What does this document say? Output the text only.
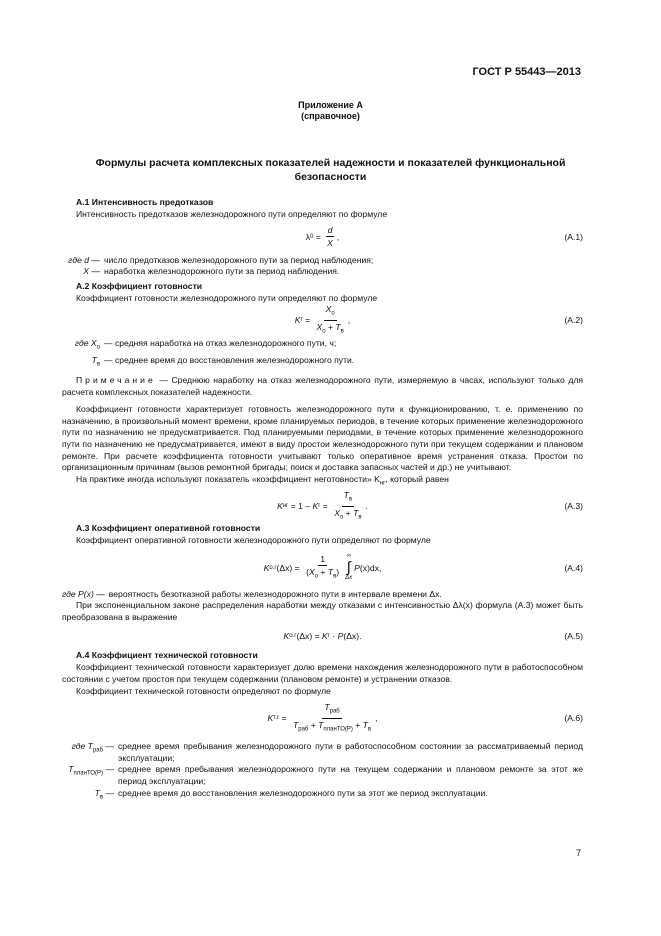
ГОСТ Р 55443—2013
Приложение А
(справочное)
Формулы расчета комплексных показателей надежности и показателей функциональной безопасности
А.1 Интенсивность предотказов
Интенсивность предотказов железнодорожного пути определяют по формуле
λ $0 = \frac{d}{X}$ ,	(А.1)
где d — число предотказов железнодорожного пути за период наблюдения;
X — наработка железнодорожного пути за период наблюдения.
А.2 Коэффициент готовности
Коэффициент готовности железнодорожного пути определяют по формуле
K $г = \frac{X_о}{X_о + T_в}$ ,	(А.2)
где $X_о$ — средняя наработка на отказ железнодорожного пути, ч;
$T_в$ — среднее время до восстановления железнодорожного пути.
Примечание — Среднюю наработку на отказ железнодорожного пути, измеряемую в часах, используют только для расчета комплексных показателей надежности.
Коэффициент готовности характеризует готовность железнодорожного пути к функционированию, т. е. применению по назначению, в произвольный момент времени, кроме планируемых периодов, в течение которых применение железнодорожного пути по назначению не предусматривается. Под планируемыми периодами, в течение которых применение железнодорожного пути по назначению не предусматривается, имеют в виду простои железнодорожного пути при текущем содержании и плановом ремонте. При расчете коэффициента готовности учитывают только оперативное время устранения отказа. Простои по организационным причинам (вызов ремонтной бригады; поиск и доставка запасных частей и др.) не учитывают.
На практике иногда используют показатель «коэффициент неготовности» $K_{нг}$, который равен
K нг = 1 – K $г = \frac{T_в}{X_о + T_в}$ .	(А.3)
А.3 Коэффициент оперативной готовности
Коэффициент оперативной готовности железнодорожного пути определяют по формуле
K о.г $(\Delta x) = \frac{1}{(X_о + T_в)}$ ∞
∫
Δx
P (x)dx ,	(А.4)
где P(x) — вероятность безотказной работы железнодорожного пути в интервале времени Δx.
При экспоненциальном законе распределения наработки между отказами с интенсивностью Δλ(x) формула (А.3) может быть преобразована в выражение
K о.г (Δx) = K г · P (Δx) .	(А.5)
А.4 Коэффициент технической готовности
Коэффициент технической готовности характеризует долю времени нахождения железнодорожного пути в работоспособном состоянии с учетом простоя при текущем содержании (плановом ремонте) и устранении отказов.
Коэффициент технической готовности определяют по формуле
K $т.г = \frac{T_{раб}}{T_{раб} + T_{планТО(Р)} + T_в}$ ,	(А.6)
где $T_{раб}$ — среднее время пребывания железнодорожного пути в работоспособном состоянии за рассматриваемый период эксплуатации;
$T_{планТО(Р)}$ — среднее время пребывания железнодорожного пути на текущем содержании и плановом ремонте за этот же период эксплуатации;
$T_в$ — среднее время до восстановления железнодорожного пути за этот же период эксплуатации.
7
